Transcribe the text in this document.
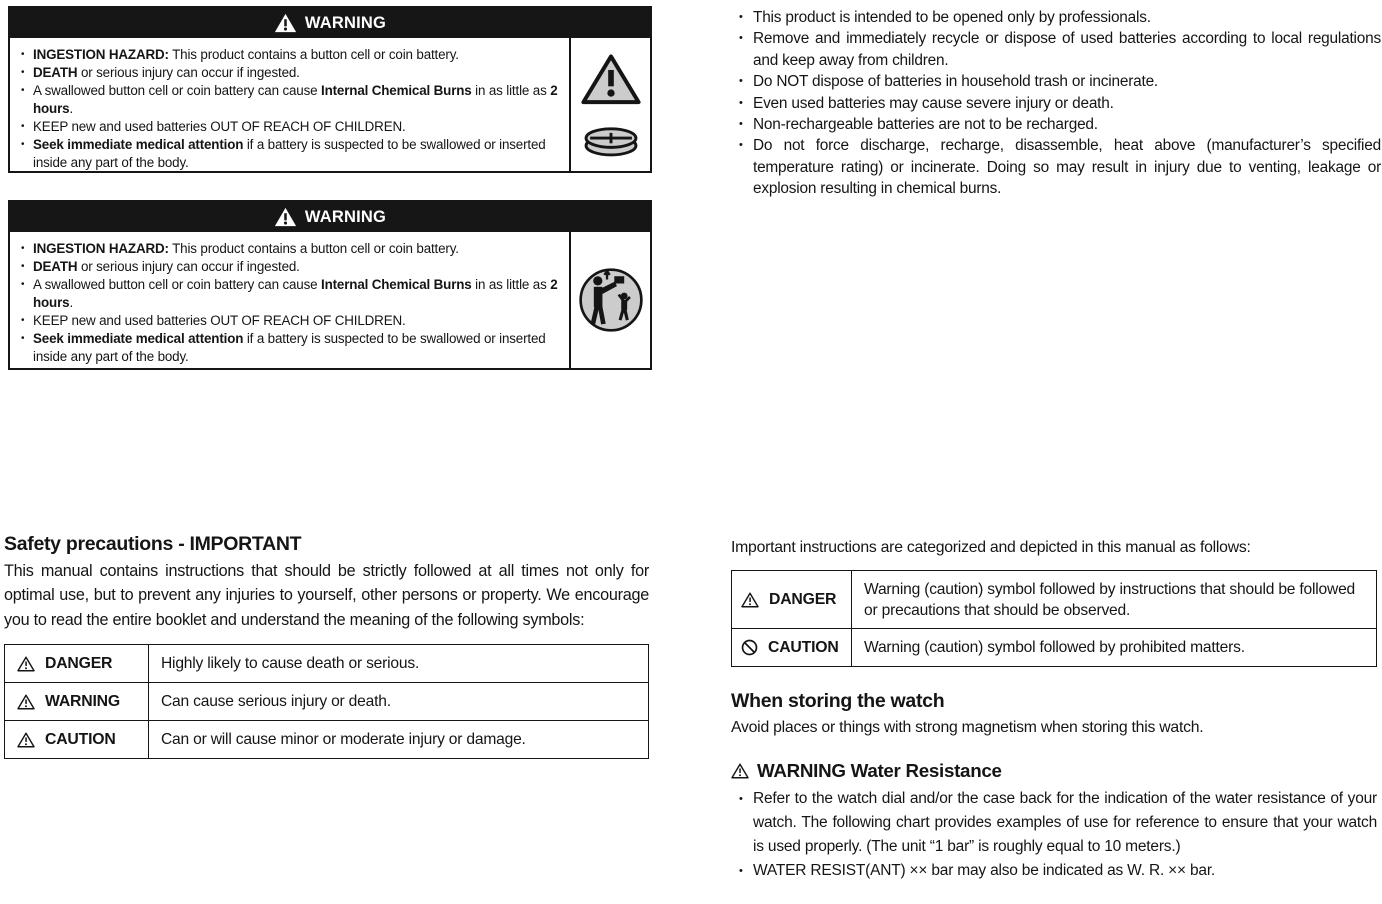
WARNING
• INGESTION HAZARD: This product contains a button cell or coin battery.
• DEATH or serious injury can occur if ingested.
• A swallowed button cell or coin battery can cause Internal Chemical Burns in as little as 2 hours.
• KEEP new and used batteries OUT OF REACH OF CHILDREN.
• Seek immediate medical attention if a battery is suspected to be swallowed or inserted inside any part of the body.
WARNING
• INGESTION HAZARD: This product contains a button cell or coin battery.
• DEATH or serious injury can occur if ingested.
• A swallowed button cell or coin battery can cause Internal Chemical Burns in as little as 2 hours.
• KEEP new and used batteries OUT OF REACH OF CHILDREN.
• Seek immediate medical attention if a battery is suspected to be swallowed or inserted inside any part of the body.
• This product is intended to be opened only by professionals.
• Remove and immediately recycle or dispose of used batteries according to local regulations and keep away from children.
• Do NOT dispose of batteries in household trash or incinerate.
• Even used batteries may cause severe injury or death.
• Non-rechargeable batteries are not to be recharged.
• Do not force discharge, recharge, disassemble, heat above (manufacturer’s specified temperature rating) or incinerate. Doing so may result in injury due to venting, leakage or explosion resulting in chemical burns.
Safety precautions - IMPORTANT

This manual contains instructions that should be strictly followed at all times not only for optimal use, but to prevent any injuries to yourself, other persons or property. We encourage you to read the entire booklet and understand the meaning of the following symbols:

DANGER	Highly likely to cause death or serious.

WARNING	Can cause serious injury or death.

CAUTION	Can or will cause minor or moderate injury or damage.
Important instructions are categorized and depicted in this manual as follows:
DANGER	Warning (caution) symbol followed by instructions that should be followed or precautions that should be observed.

CAUTION	Warning (caution) symbol followed by prohibited matters.
When storing the watch

Avoid places or things with strong magnetism when storing this watch.

WARNING Water Resistance
• Refer to the watch dial and/or the case back for the indication of the water resistance of your watch. The following chart provides examples of use for reference to ensure that your watch is used properly. (The unit “1 bar” is roughly equal to 10 meters.)
• WATER RESIST(ANT) ×× bar may also be indicated as W. R. ×× bar.
